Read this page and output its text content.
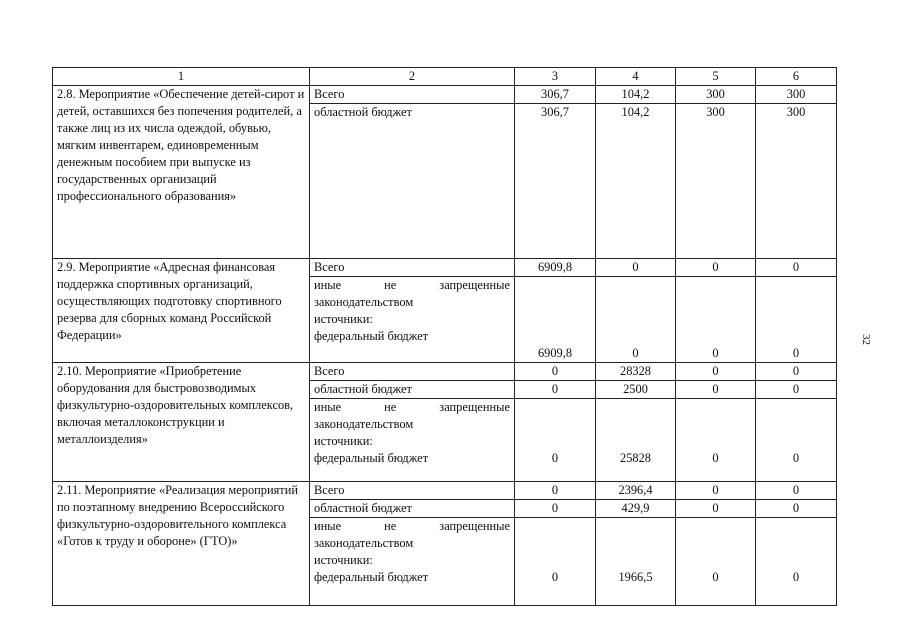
1	2	3	4	5	6
2.8. Мероприятие «Обеспечение детей-сирот и детей, оставшихся без попечения родителей, а также лиц из их числа одеждой, обувью, мягким инвентарем, единовременным денежным пособием при выпуске из государственных организаций профессионального образования»	Всего	306,7	104,2	300	300
	областной бюджет	306,7	104,2	300	300
2.9. Мероприятие «Адресная финансовая поддержка спортивных организаций, осуществляющих подготовку спортивного резерва для сборных команд Российской Федерации»	Всего	6909,8	0	0	0

	иные не запрещенные
законодательством
источники:
федеральный бюджет	6909,8	0	0	0
2.10. Мероприятие «Приобретение оборудования для быстровозводимых физкультурно-оздоровительных комплексов, включая металлоконструкции и металлоизделия»	Всего	0	28328	0	0
	областной бюджет	0	2500	0	0

	иные не запрещенные
законодательством
источники:
федеральный бюджет	0	25828	0	0
2.11. Мероприятие «Реализация мероприятий по поэтапному внедрению Всероссийского физкультурно-оздоровительного комплекса «Готов к труду и обороне» (ГТО)»	Всего	0	2396,4	0	0
	областной бюджет	0	429,9	0	0

	иные не запрещенные
законодательством
источники:
федеральный бюджет	0	1966,5	0	0
32
